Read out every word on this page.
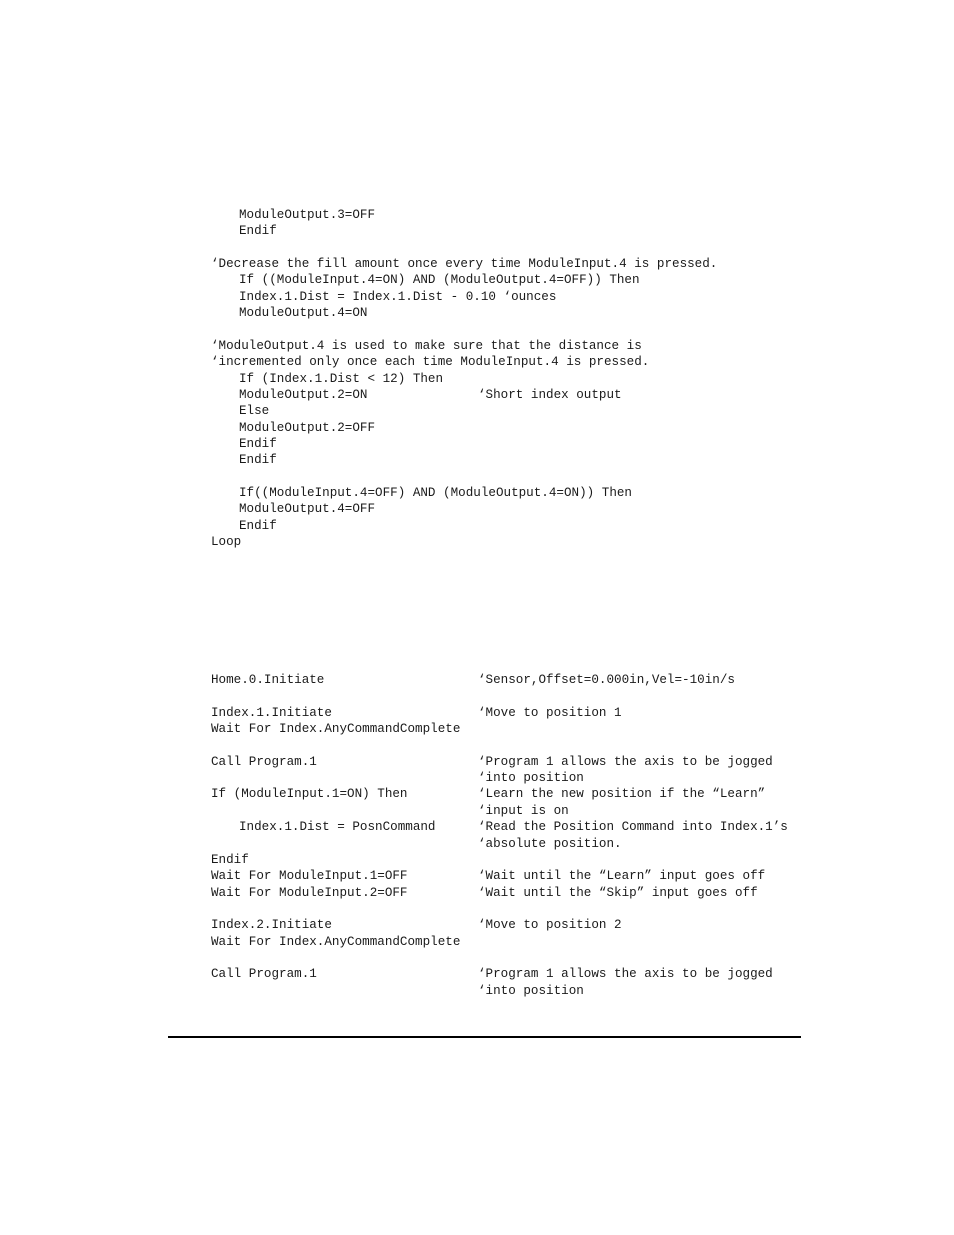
ModuleOutput.3=OFF
Endif
‘Decrease the fill amount once every time ModuleInput.4 is pressed.
If ((ModuleInput.4=ON) AND (ModuleOutput.4=OFF)) Then
Index.1.Dist = Index.1.Dist - 0.10 ‘ounces
ModuleOutput.4=ON
‘ModuleOutput.4 is used to make sure that the distance is
‘incremented only once each time ModuleInput.4 is pressed.
If (Index.1.Dist < 12) Then
ModuleOutput.2=ON	‘Short index output
Else
ModuleOutput.2=OFF
Endif
Endif
If((ModuleInput.4=OFF) AND (ModuleOutput.4=ON)) Then
ModuleOutput.4=OFF
Endif
Loop
Home.0.Initiate	‘Sensor,Offset=0.000in,Vel=-10in/s
Index.1.Initiate	‘Move to position 1
Wait For Index.AnyCommandComplete
Call Program.1	‘Program 1 allows the axis to be jogged
‘into position
If (ModuleInput.1=ON) Then	‘Learn the new position if the “Learn”
‘input is on
Index.1.Dist = PosnCommand	‘Read the Position Command into Index.1’s
‘absolute position.
Endif
Wait For ModuleInput.1=OFF	‘Wait until the “Learn” input goes off
Wait For ModuleInput.2=OFF	‘Wait until the “Skip” input goes off
Index.2.Initiate	‘Move to position 2
Wait For Index.AnyCommandComplete
Call Program.1	‘Program 1 allows the axis to be jogged
‘into position
